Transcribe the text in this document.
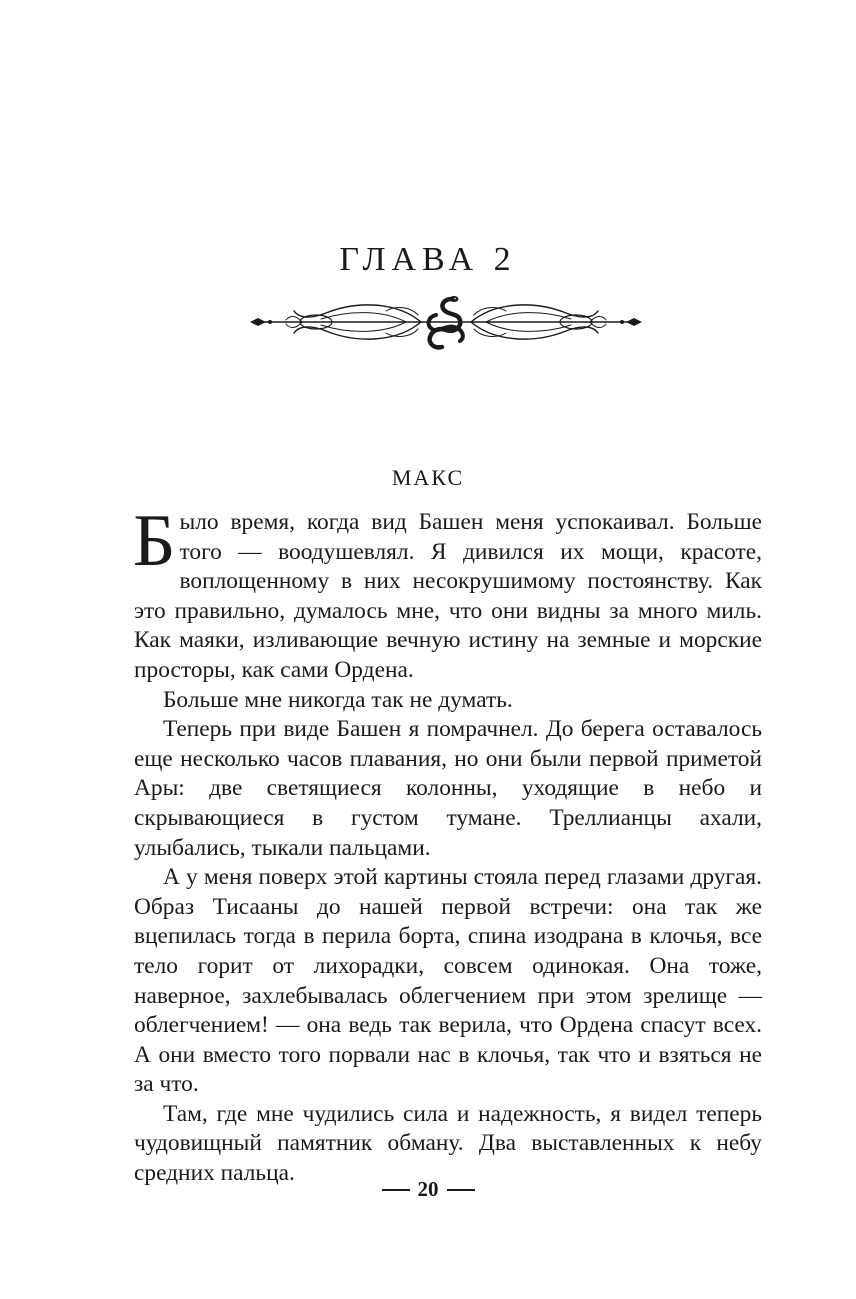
ГЛАВА 2
МАКС

Было время, когда вид Башен меня успокаивал. Больше того — воодушевлял. Я дивился их мощи, красоте, воплощенному в них несокрушимому постоянству. Как это правильно, думалось мне, что они видны за много миль. Как маяки, изливающие вечную истину на земные и морские просторы, как сами Ордена.

Больше мне никогда так не думать.

Теперь при виде Башен я помрачнел. До берега оставалось еще несколько часов плавания, но они были первой приметой Ары: две светящиеся колонны, уходящие в небо и скрывающиеся в густом тумане. Треллианцы ахали, улыбались, тыкали пальцами.

А у меня поверх этой картины стояла перед глазами другая. Образ Тисааны до нашей первой встречи: она так же вцепилась тогда в перила борта, спина изодрана в клочья, все тело горит от лихорадки, совсем одинокая. Она тоже, наверное, захлебывалась облегчением при этом зрелище — облегчением! — она ведь так верила, что Ордена спасут всех. А они вместо того порвали нас в клочья, так что и взяться не за что.

Там, где мне чудились сила и надежность, я видел теперь чудовищный памятник обману. Два выставленных к небу средних пальца.

20
